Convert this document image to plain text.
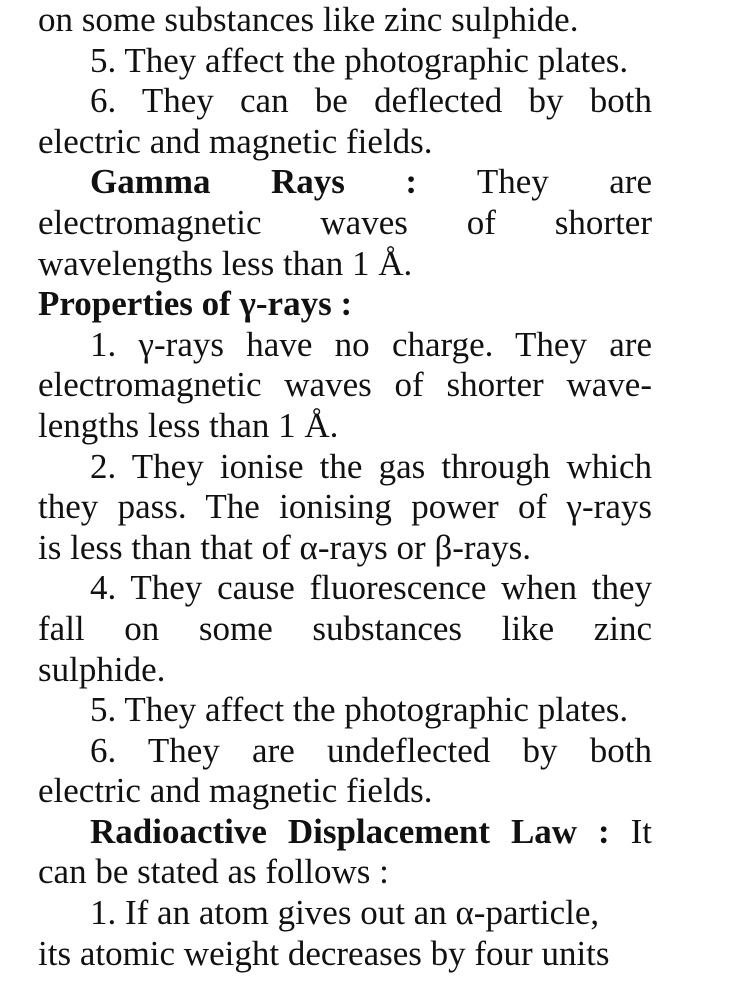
on some substances like zinc sulphide.
5. They affect the photographic plates.
6. They can be deflected by both
electric and magnetic fields.
Gamma Rays : They are
electromagnetic waves of shorter
wavelengths less than 1 Å.
Properties of γ-rays :
1. γ-rays have no charge. They are
electromagnetic waves of shorter wave-
lengths less than 1 Å.
2. They ionise the gas through which
they pass. The ionising power of γ-rays
is less than that of α-rays or β-rays.
4. They cause fluorescence when they
fall on some substances like zinc
sulphide.
5. They affect the photographic plates.
6. They are undeflected by both
electric and magnetic fields.
Radioactive Displacement Law : It
can be stated as follows :
1. If an atom gives out an α-particle,
its atomic weight decreases by four units
